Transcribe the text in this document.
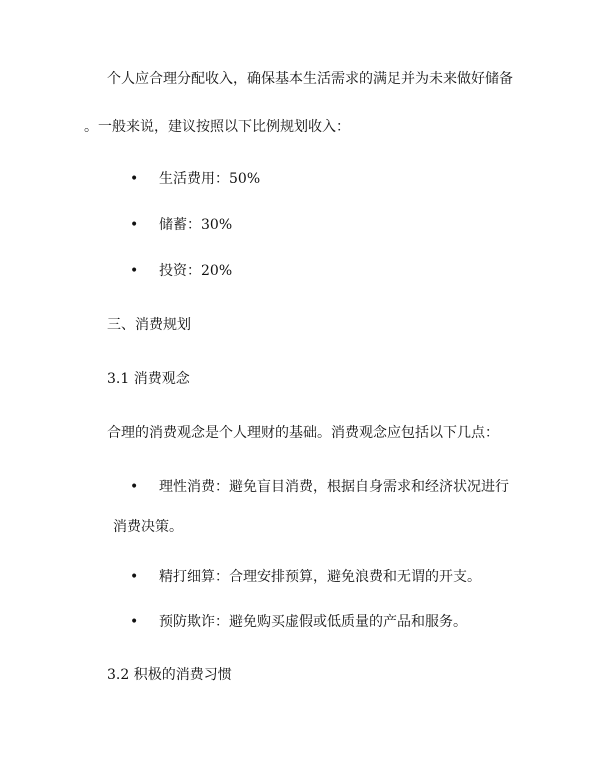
个人应合理分配收入，确保基本生活需求的满足并为未来做好储备
。一般来说，建议按照以下比例规划收入：
• 生活费用：50%
• 储蓄：30%
• 投资：20%
三、消费规划
3.1 消费观念
合理的消费观念是个人理财的基础。消费观念应包括以下几点：
• 理性消费：避免盲目消费，根据自身需求和经济状况进行
消费决策。
• 精打细算：合理安排预算，避免浪费和无谓的开支。
• 预防欺诈：避免购买虚假或低质量的产品和服务。
3.2 积极的消费习惯
